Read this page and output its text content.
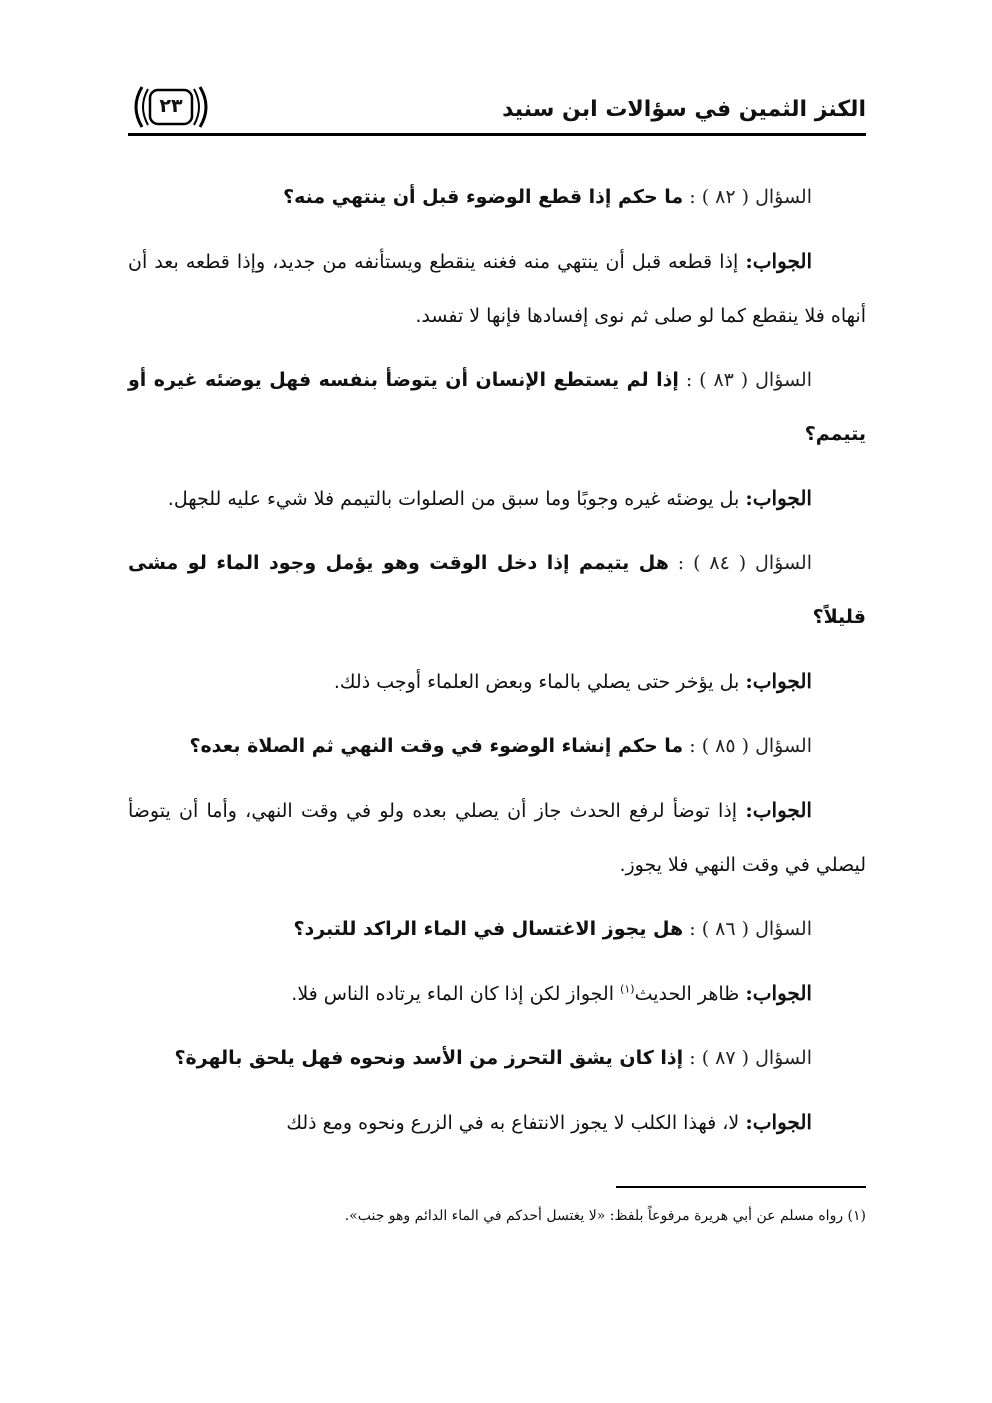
الكنز الثمين في سؤالات ابن سنيد
٢٣

السؤال ( ٨٢ ) : ما حكم إذا قطع الوضوء قبل أن ينتهي منه؟

الجواب: إذا قطعه قبل أن ينتهي منه فغنه ينقطع ويستأنفه من جديد، وإذا قطعه بعد أن أنهاه فلا ينقطع كما لو صلى ثم نوى إفسادها فإنها لا تفسد.

السؤال ( ٨٣ ) : إذا لم يستطع الإنسان أن يتوضأ بنفسه فهل يوضئه غيره أو يتيمم؟

الجواب: بل يوضئه غيره وجوبًا وما سبق من الصلوات بالتيمم فلا شيء عليه للجهل.

السؤال ( ٨٤ ) : هل يتيمم إذا دخل الوقت وهو يؤمل وجود الماء لو مشى قليلاً؟

الجواب: بل يؤخر حتى يصلي بالماء وبعض العلماء أوجب ذلك.

السؤال ( ٨٥ ) : ما حكم إنشاء الوضوء في وقت النهي ثم الصلاة بعده؟

الجواب: إذا توضأ لرفع الحدث جاز أن يصلي بعده ولو في وقت النهي، وأما أن يتوضأ ليصلي في وقت النهي فلا يجوز.

السؤال ( ٨٦ ) : هل يجوز الاغتسال في الماء الراكد للتبرد؟

الجواب: ظاهر الحديث$^{(١)}$ الجواز لكن إذا كان الماء يرتاده الناس فلا.

السؤال ( ٨٧ ) : إذا كان يشق التحرز من الأسد ونحوه فهل يلحق بالهرة؟

الجواب: لا، فهذا الكلب لا يجوز الانتفاع به في الزرع ونحوه ومع ذلك

(١) رواه مسلم عن أبي هريرة مرفوعاً بلفظ: «لا يغتسل أحدكم في الماء الدائم وهو جنب».
